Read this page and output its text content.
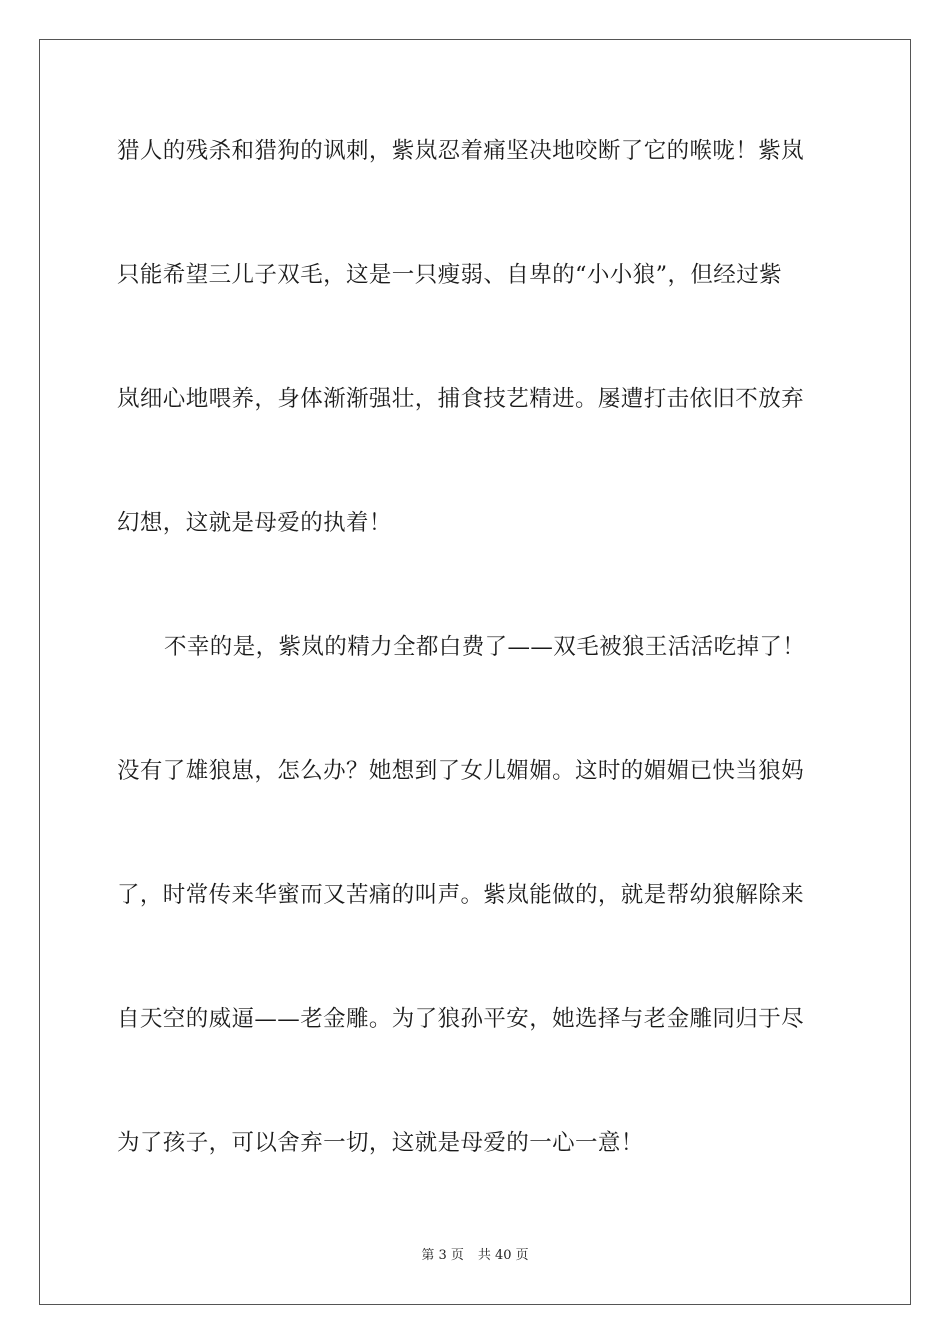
猎人的残杀和猎狗的讽刺，紫岚忍着痛坚决地咬断了它的喉咙！紫岚
只能希望三儿子双毛，这是一只瘦弱、自卑的“小小狼”，但经过紫
岚细心地喂养，身体渐渐强壮，捕食技艺精进。屡遭打击依旧不放弃
幻想，这就是母爱的执着！
不幸的是，紫岚的精力全都白费了——双毛被狼王活活吃掉了！
没有了雄狼崽，怎么办？她想到了女儿媚媚。这时的媚媚已快当狼妈
了，时常传来华蜜而又苦痛的叫声。紫岚能做的，就是帮幼狼解除来
自天空的威逼——老金雕。为了狼孙平安，她选择与老金雕同归于尽
为了孩子，可以舍弃一切，这就是母爱的一心一意！
第 3 页 共 40 页
